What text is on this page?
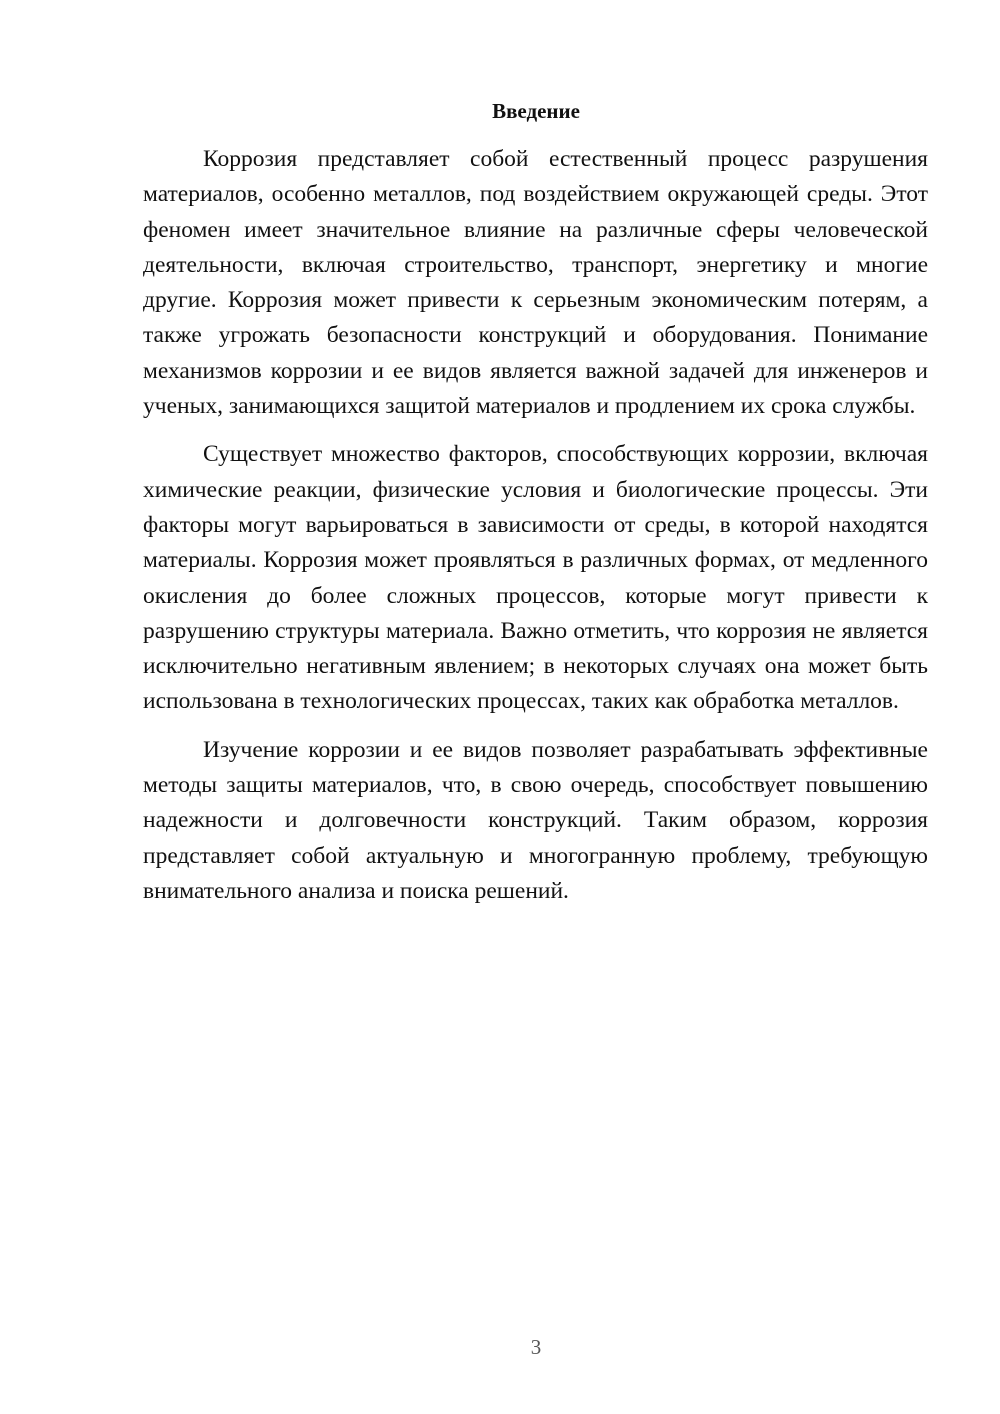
Введение

Коррозия представляет собой естественный процесс разрушения материалов, особенно металлов, под воздействием окружающей среды. Этот феномен имеет значительное влияние на различные сферы человеческой деятельности, включая строительство, транспорт, энергетику и многие другие. Коррозия может привести к серьезным экономическим потерям, а также угрожать безопасности конструкций и оборудования. Понимание механизмов коррозии и ее видов является важной задачей для инженеров и ученых, занимающихся защитой материалов и продлением их срока службы.

Существует множество факторов, способствующих коррозии, включая химические реакции, физические условия и биологические процессы. Эти факторы могут варьироваться в зависимости от среды, в которой находятся материалы. Коррозия может проявляться в различных формах, от медленного окисления до более сложных процессов, которые могут привести к разрушению структуры материала. Важно отметить, что коррозия не является исключительно негативным явлением; в некоторых случаях она может быть использована в технологических процессах, таких как обработка металлов.

Изучение коррозии и ее видов позволяет разрабатывать эффективные методы защиты материалов, что, в свою очередь, способствует повышению надежности и долговечности конструкций. Таким образом, коррозия представляет собой актуальную и многогранную проблему, требующую внимательного анализа и поиска решений.

3
